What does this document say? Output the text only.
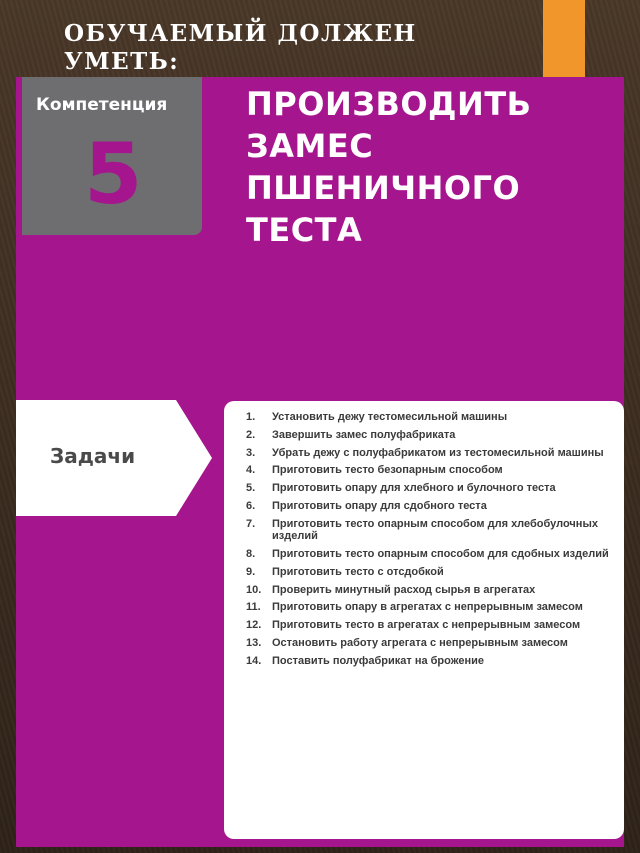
ОБУЧАЕМЫЙ ДОЛЖЕН УМЕТЬ:
Компетенция
5
ПРОИЗВОДИТЬ ЗАМЕС ПШЕНИЧНОГО ТЕСТА
Задачи
1.	Установить дежу тестомесильной машины
2.	Завершить замес полуфабриката
3.	Убрать дежу с полуфабрикатом из тестомесильной машины
4.	Приготовить тесто безопарным способом
5.	Приготовить опару для хлебного и булочного теста
6.	Приготовить опару для сдобного теста
7.	Приготовить тесто опарным способом для хлебобулочных изделий
8.	Приготовить тесто опарным способом для сдобных изделий
9.	Приготовить тесто с отсдобкой
10. Проверить минутный расход сырья в агрегатах
11.	Приготовить опару в агрегатах с непрерывным замесом
12. Приготовить тесто в агрегатах с непрерывным замесом
13. Остановить работу агрегата с непрерывным замесом
14. Поставить полуфабрикат на брожение
